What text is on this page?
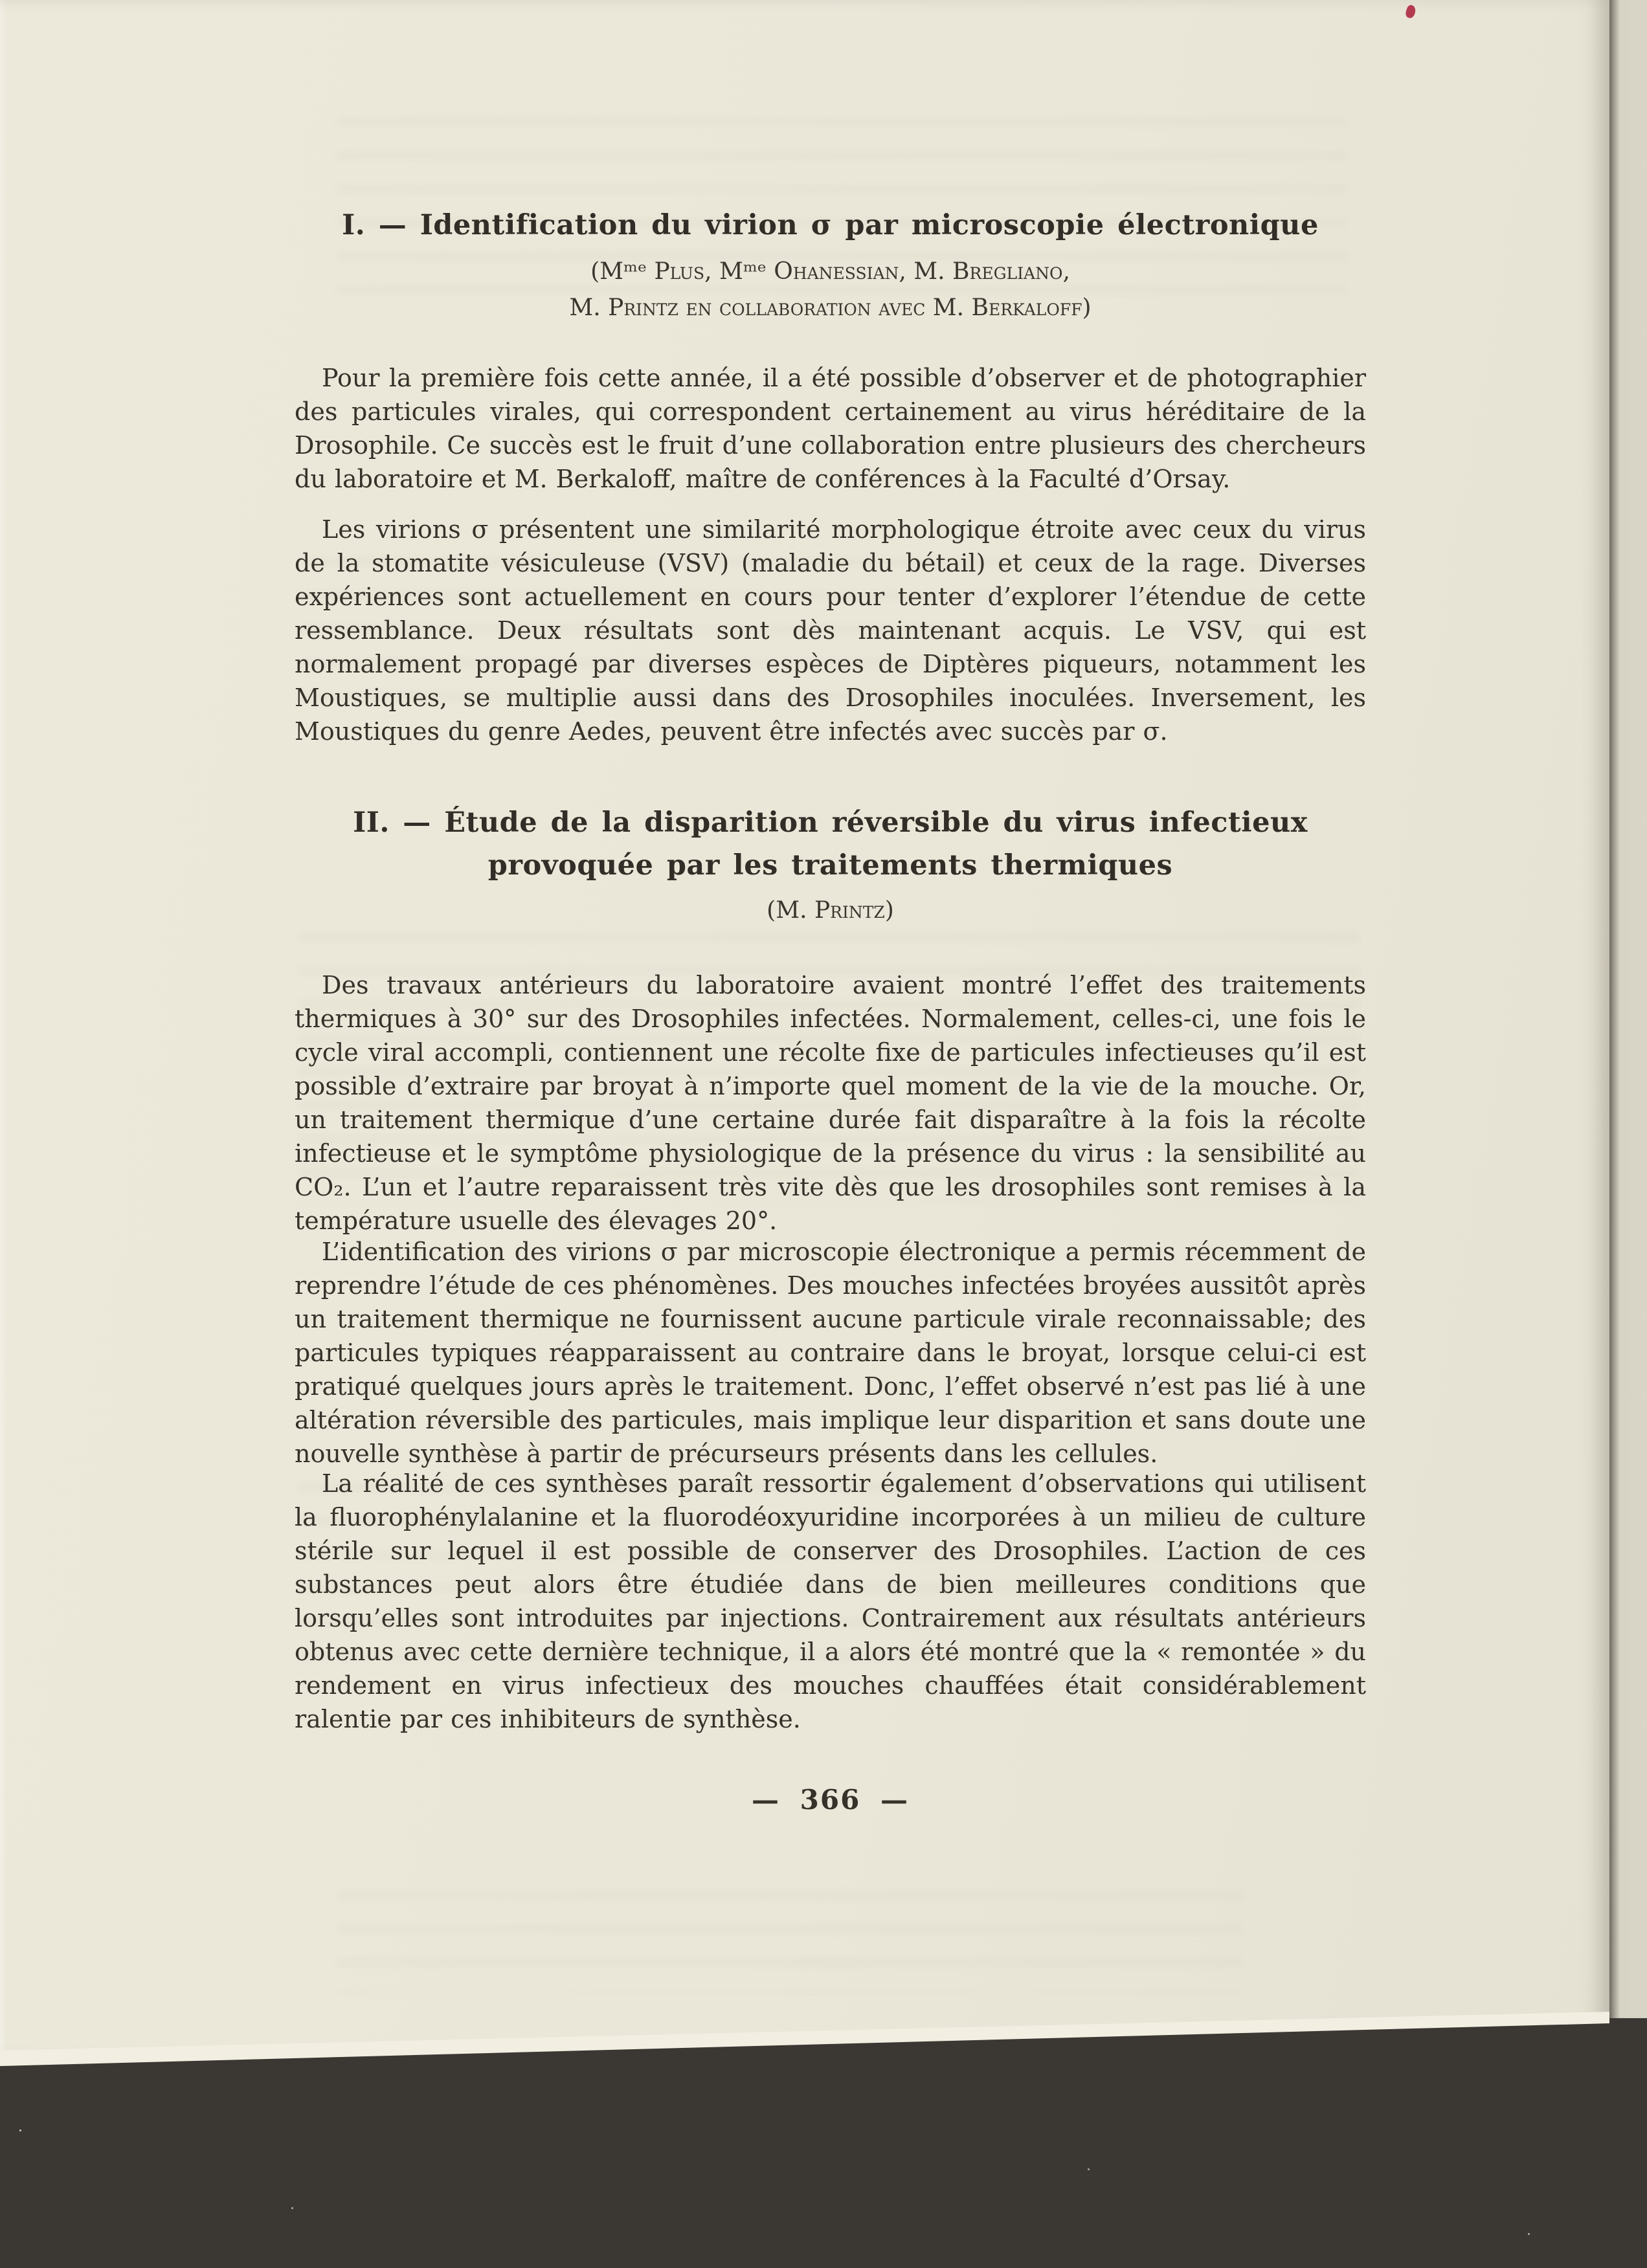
I. — Identification du virion σ par microscopie électronique
(Mᵐᵉ Plus, Mᵐᵉ Ohanessian, M. Bregliano,
M. Printz en collaboration avec M. Berkaloff)
Pour la première fois cette année, il a été possible d’observer et de photographier des particules virales, qui correspondent certainement au virus héréditaire de la Drosophile. Ce succès est le fruit d’une collaboration entre plusieurs des chercheurs du laboratoire et M. Berkaloff, maître de conférences à la Faculté d’Orsay.
Les virions σ présentent une similarité morphologique étroite avec ceux du virus de la stomatite vésiculeuse (VSV) (maladie du bétail) et ceux de la rage. Diverses expériences sont actuellement en cours pour tenter d’explorer l’étendue de cette ressemblance. Deux résultats sont dès maintenant acquis. Le VSV, qui est normalement propagé par diverses espèces de Diptères piqueurs, notamment les Moustiques, se multiplie aussi dans des Drosophiles inoculées. Inversement, les Moustiques du genre Aedes, peuvent être infectés avec succès par σ.
II. — Étude de la disparition réversible du virus infectieux
provoquée par les traitements thermiques
(M. Printz)
Des travaux antérieurs du laboratoire avaient montré l’effet des traitements thermiques à 30° sur des Drosophiles infectées. Normalement, celles-ci, une fois le cycle viral accompli, contiennent une récolte fixe de particules infectieuses qu’il est possible d’extraire par broyat à n’importe quel moment de la vie de la mouche. Or, un traitement thermique d’une certaine durée fait disparaître à la fois la récolte infectieuse et le symptôme physiologique de la présence du virus : la sensibilité au CO₂. L’un et l’autre reparaissent très vite dès que les drosophiles sont remises à la température usuelle des élevages 20°.
L’identification des virions σ par microscopie électronique a permis récemment de reprendre l’étude de ces phénomènes. Des mouches infectées broyées aussitôt après un traitement thermique ne fournissent aucune particule virale reconnaissable; des particules typiques réapparaissent au contraire dans le broyat, lorsque celui-ci est pratiqué quelques jours après le traitement. Donc, l’effet observé n’est pas lié à une altération réversible des particules, mais implique leur disparition et sans doute une nouvelle synthèse à partir de précurseurs présents dans les cellules.
La réalité de ces synthèses paraît ressortir également d’observations qui utilisent la fluorophénylalanine et la fluorodéoxyuridine incorporées à un milieu de culture stérile sur lequel il est possible de conserver des Drosophiles. L’action de ces substances peut alors être étudiée dans de bien meilleures conditions que lorsqu’elles sont introduites par injections. Contrairement aux résultats antérieurs obtenus avec cette dernière technique, il a alors été montré que la « remontée » du rendement en virus infectieux des mouches chauffées était considérablement ralentie par ces inhibiteurs de synthèse.
— 366 —
